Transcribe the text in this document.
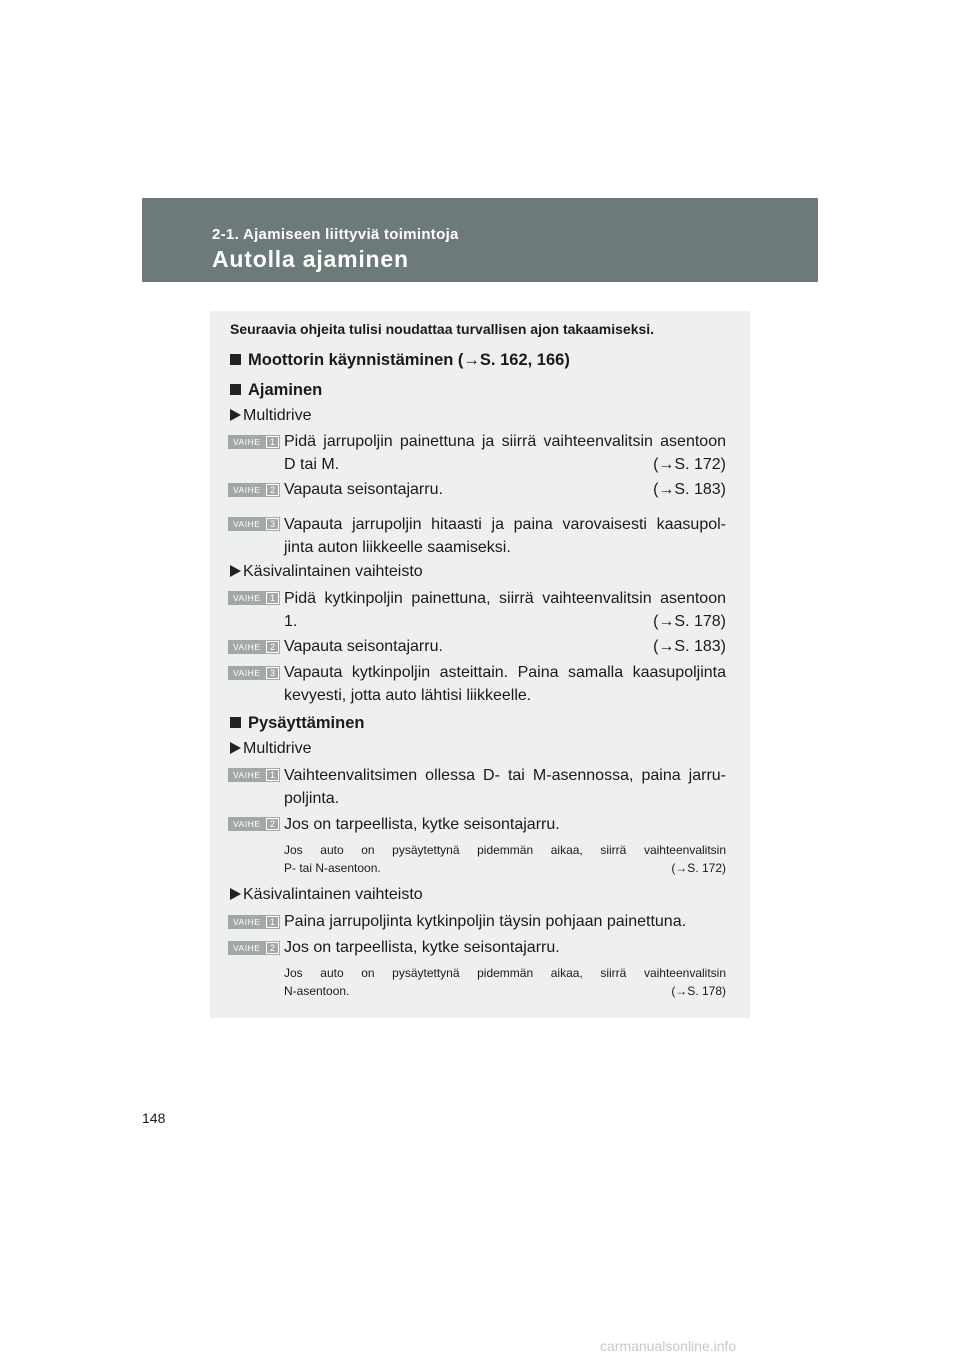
2-1. Ajamiseen liittyviä toimintoja
Autolla ajaminen
Seuraavia ohjeita tulisi noudattaa turvallisen ajon takaamiseksi.
Moottorin käynnistäminen (→S. 162, 166)
Ajaminen
Multidrive
VAIHE	1 Pidä jarrupoljin painettuna ja siirrä vaihteenvalitsin asentoon
D tai M.	(→S. 172)
VAIHE	2 Vapauta seisontajarru.	(→S. 183)
VAIHE	3 Vapauta jarrupoljin hitaasti ja paina varovaisesti kaasupol-
jinta auton liikkeelle saamiseksi.
Käsivalintainen vaihteisto
VAIHE	1 Pidä kytkinpoljin painettuna, siirrä vaihteenvalitsin asentoon
1.	(→S. 178)
VAIHE	2 Vapauta seisontajarru.	(→S. 183)
VAIHE	3 Vapauta kytkinpoljin asteittain. Paina samalla kaasupoljinta
kevyesti, jotta auto lähtisi liikkeelle.
Pysäyttäminen
Multidrive
VAIHE	1 Vaihteenvalitsimen ollessa D- tai M-asennossa, paina jarru-
poljinta.
VAIHE	2 Jos on tarpeellista, kytke seisontajarru.
Jos auto on pysäytettynä pidemmän aikaa, siirrä vaihteenvalitsin
P- tai N-asentoon.	(→S. 172)
Käsivalintainen vaihteisto
VAIHE	1 Paina jarrupoljinta kytkinpoljin täysin pohjaan painettuna.
VAIHE	2 Jos on tarpeellista, kytke seisontajarru.
Jos auto on pysäytettynä pidemmän aikaa, siirrä vaihteenvalitsin
N-asentoon.	(→S. 178)
148
carmanualsonline.info
